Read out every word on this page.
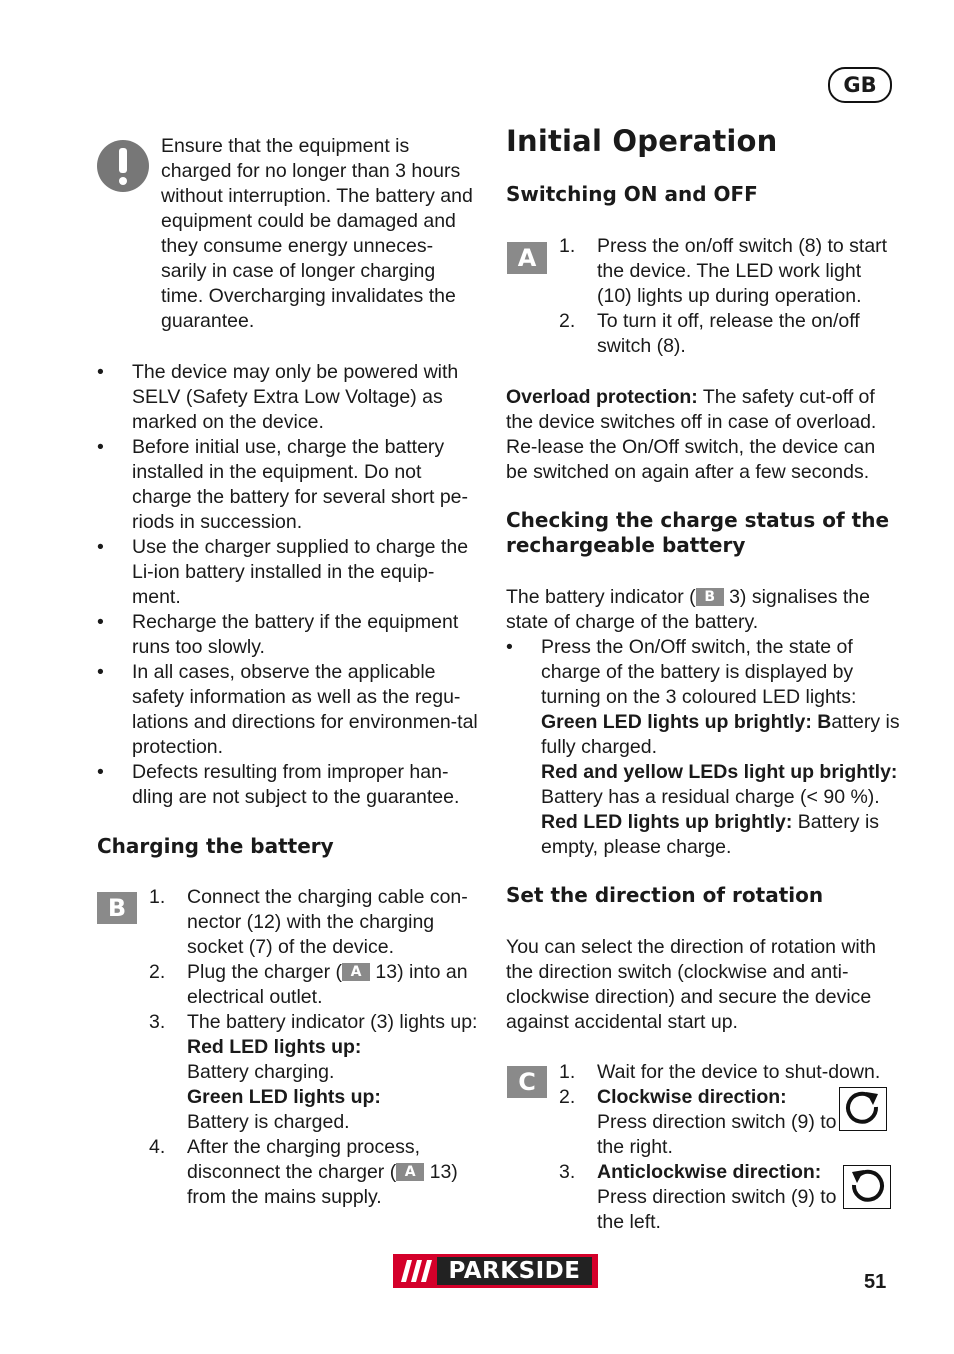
GB
Ensure that the equipment is charged for no longer than 3 hours without interruption. The battery and equipment could be damaged and they consume energy unneces-sarily in case of longer charging time. Overcharging invalidates the guarantee.
• The device may only be powered with SELV (Safety Extra Low Voltage) as marked on the device.
• Before initial use, charge the battery installed in the equipment. Do not charge the battery for several short pe-riods in succession.
• Use the charger supplied to charge the Li-ion battery installed in the equip-ment.
• Recharge the battery if the equipment runs too slowly.
• In all cases, observe the applicable safety information as well as the regu-lations and directions for environmen-tal protection.
• Defects resulting from improper han-dling are not subject to the guarantee.
Charging the battery
B	1. Connect the charging cable con-nector (12) with the charging socket (7) of the device.
2. Plug the charger ( A 13) into an electrical outlet.
3. The battery indicator (3) lights up:
Red LED lights up:
Battery charging.
Green LED lights up:
Battery is charged.
4. After the charging process, disconnect the charger ( A 13) from the mains supply.
Initial Operation
Switching ON and OFF
A	1. Press the on/off switch (8) to start the device. The LED work light (10) lights up during operation.
2. To turn it off, release the on/off switch (8).
Overload protection: The safety cut-off of the device switches off in case of overload. Re-lease the On/Off switch, the device can be switched on again after a few seconds.
Checking the charge status of the rechargeable battery
The battery indicator ( B 3) signalises the state of charge of the battery.
• Press the On/Off switch, the state of charge of the battery is displayed by turning on the 3 coloured LED lights:
Green LED lights up brightly: Battery is fully charged.
Red and yellow LEDs light up brightly:
Battery has a residual charge (< 90 %).
Red LED lights up brightly: Battery is empty, please charge.
Set the direction of rotation
You can select the direction of rotation with the direction switch (clockwise and anti-clockwise direction) and secure the device against accidental start up.
C	1. Wait for the device to shut-down.
2. Clockwise direction:
Press direction switch (9) to the right.
3. Anticlockwise direction:
Press direction switch (9) to the left.
PARKSIDE	51
